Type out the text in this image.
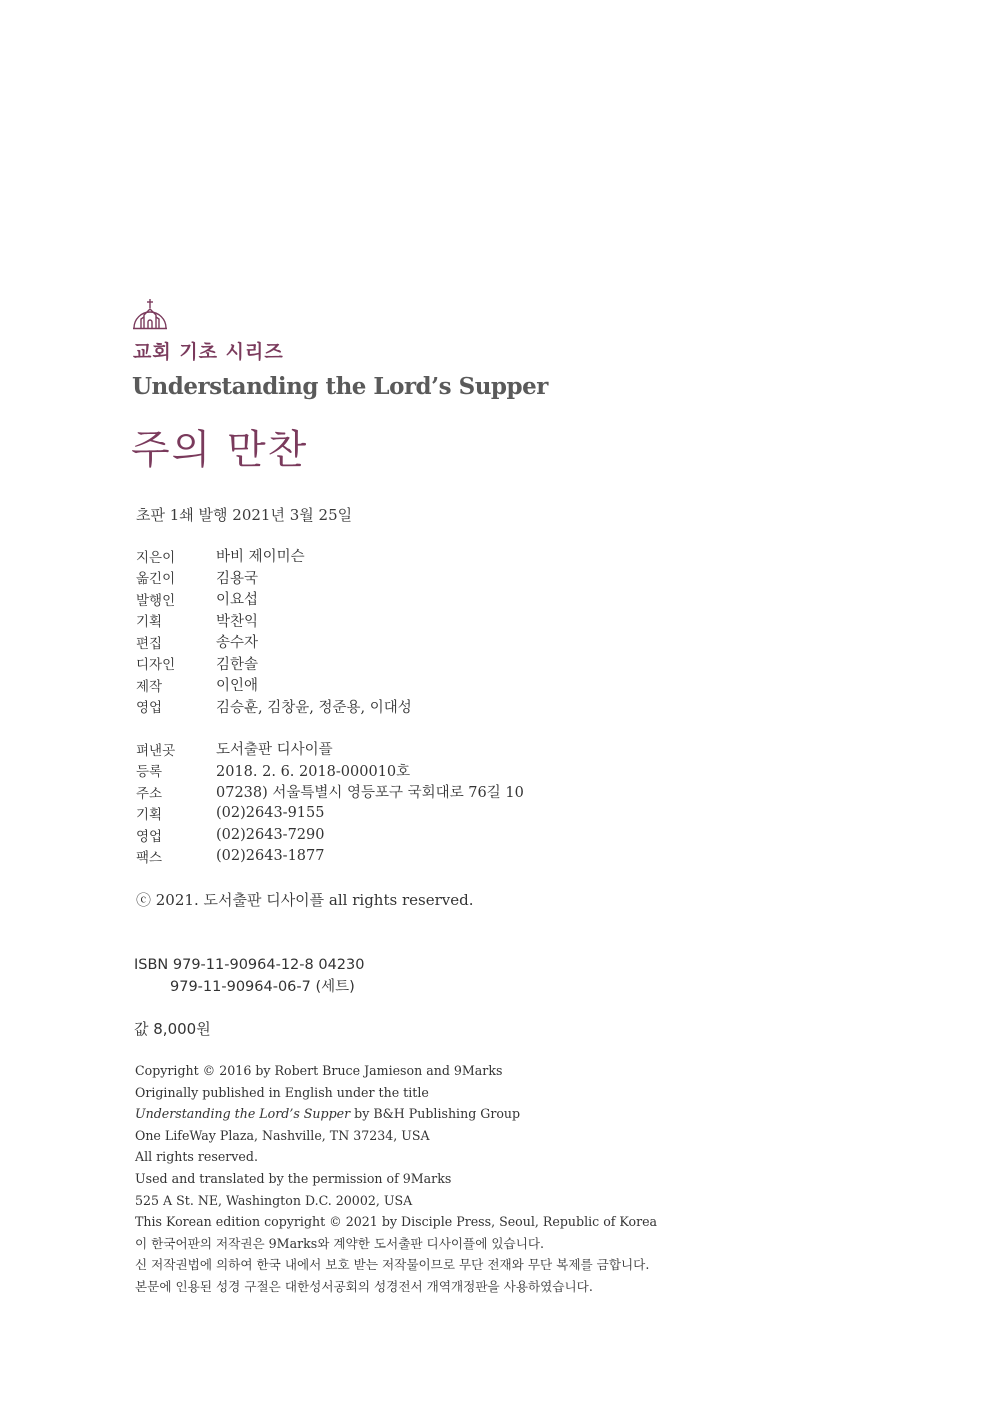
교회 기초 시리즈
Understanding the Lord’s Supper
주의 만찬
초판 1쇄 발행 2021년 3월 25일
지은이	바비 제이미슨
옮긴이	김용국
발행인	이요섭
기획	박찬익
편집	송수자
디자인	김한솔
제작	이인애
영업	김승훈, 김창윤, 정준용, 이대성
펴낸곳	도서출판 디사이플
등록	2018. 2. 6. 2018-000010호
주소	07238) 서울특별시 영등포구 국회대로 76길 10
기획	(02)2643-9155
영업	(02)2643-7290
팩스	(02)2643-1877
ⓒ 2021. 도서출판 디사이플 all rights reserved.
ISBN 979-11-90964-12-8 04230
979-11-90964-06-7 (세트)
값 8,000원
Copyright © 2016 by Robert Bruce Jamieson and 9Marks
Originally published in English under the title
Understanding the Lord’s Supper by B&H Publishing Group
One LifeWay Plaza, Nashville, TN 37234, USA
All rights reserved.
Used and translated by the permission of 9Marks
525 A St. NE, Washington D.C. 20002, USA
This Korean edition copyright © 2021 by Disciple Press, Seoul, Republic of Korea
이 한국어판의 저작권은 9Marks와 계약한 도서출판 디사이플에 있습니다.
신 저작권법에 의하여 한국 내에서 보호 받는 저작물이므로 무단 전재와 무단 복제를 금합니다.
본문에 인용된 성경 구절은 대한성서공회의 성경전서 개역개정판을 사용하였습니다.
